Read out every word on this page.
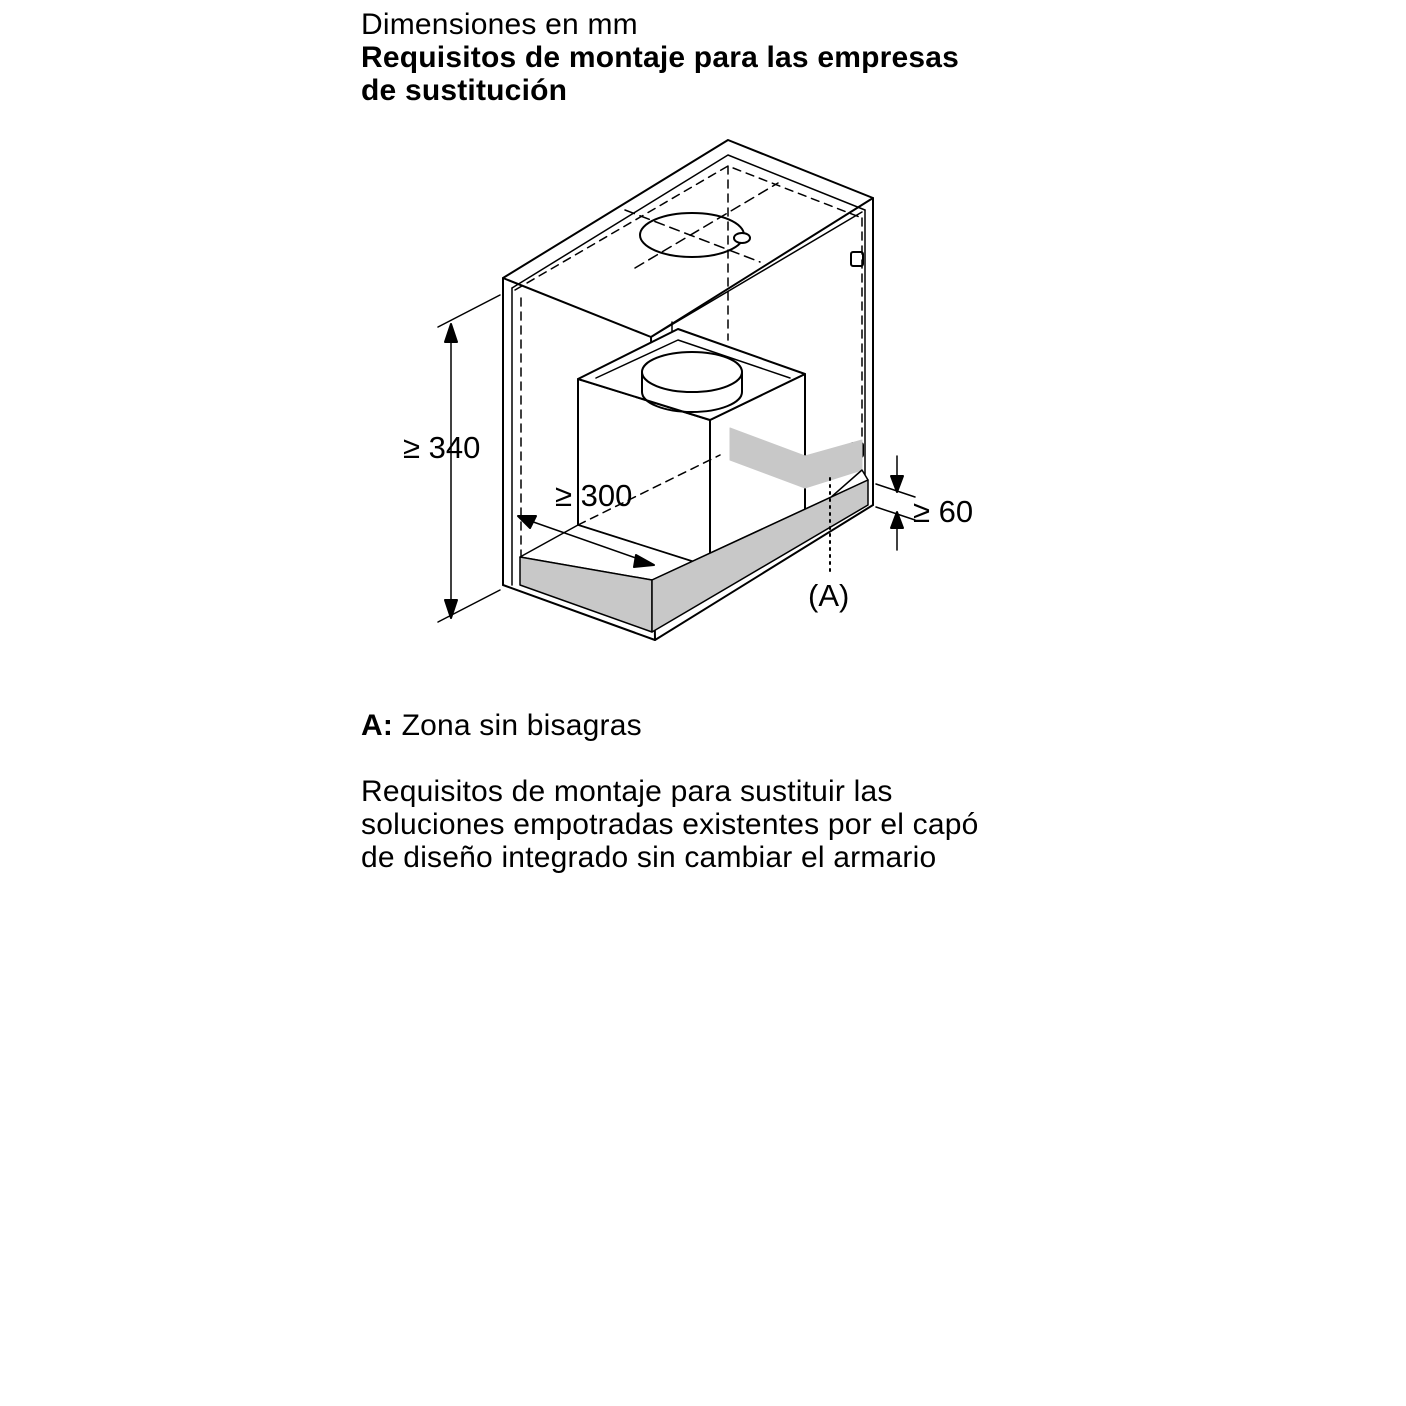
Dimensiones en mm
Requisitos de montaje para las empresas
de sustitución
≥ 340
≥ 300	≥ 60
(A)
A: Zona sin bisagras
Requisitos de montaje para sustituir las
soluciones empotradas existentes por el capó
de diseño integrado sin cambiar el armario
